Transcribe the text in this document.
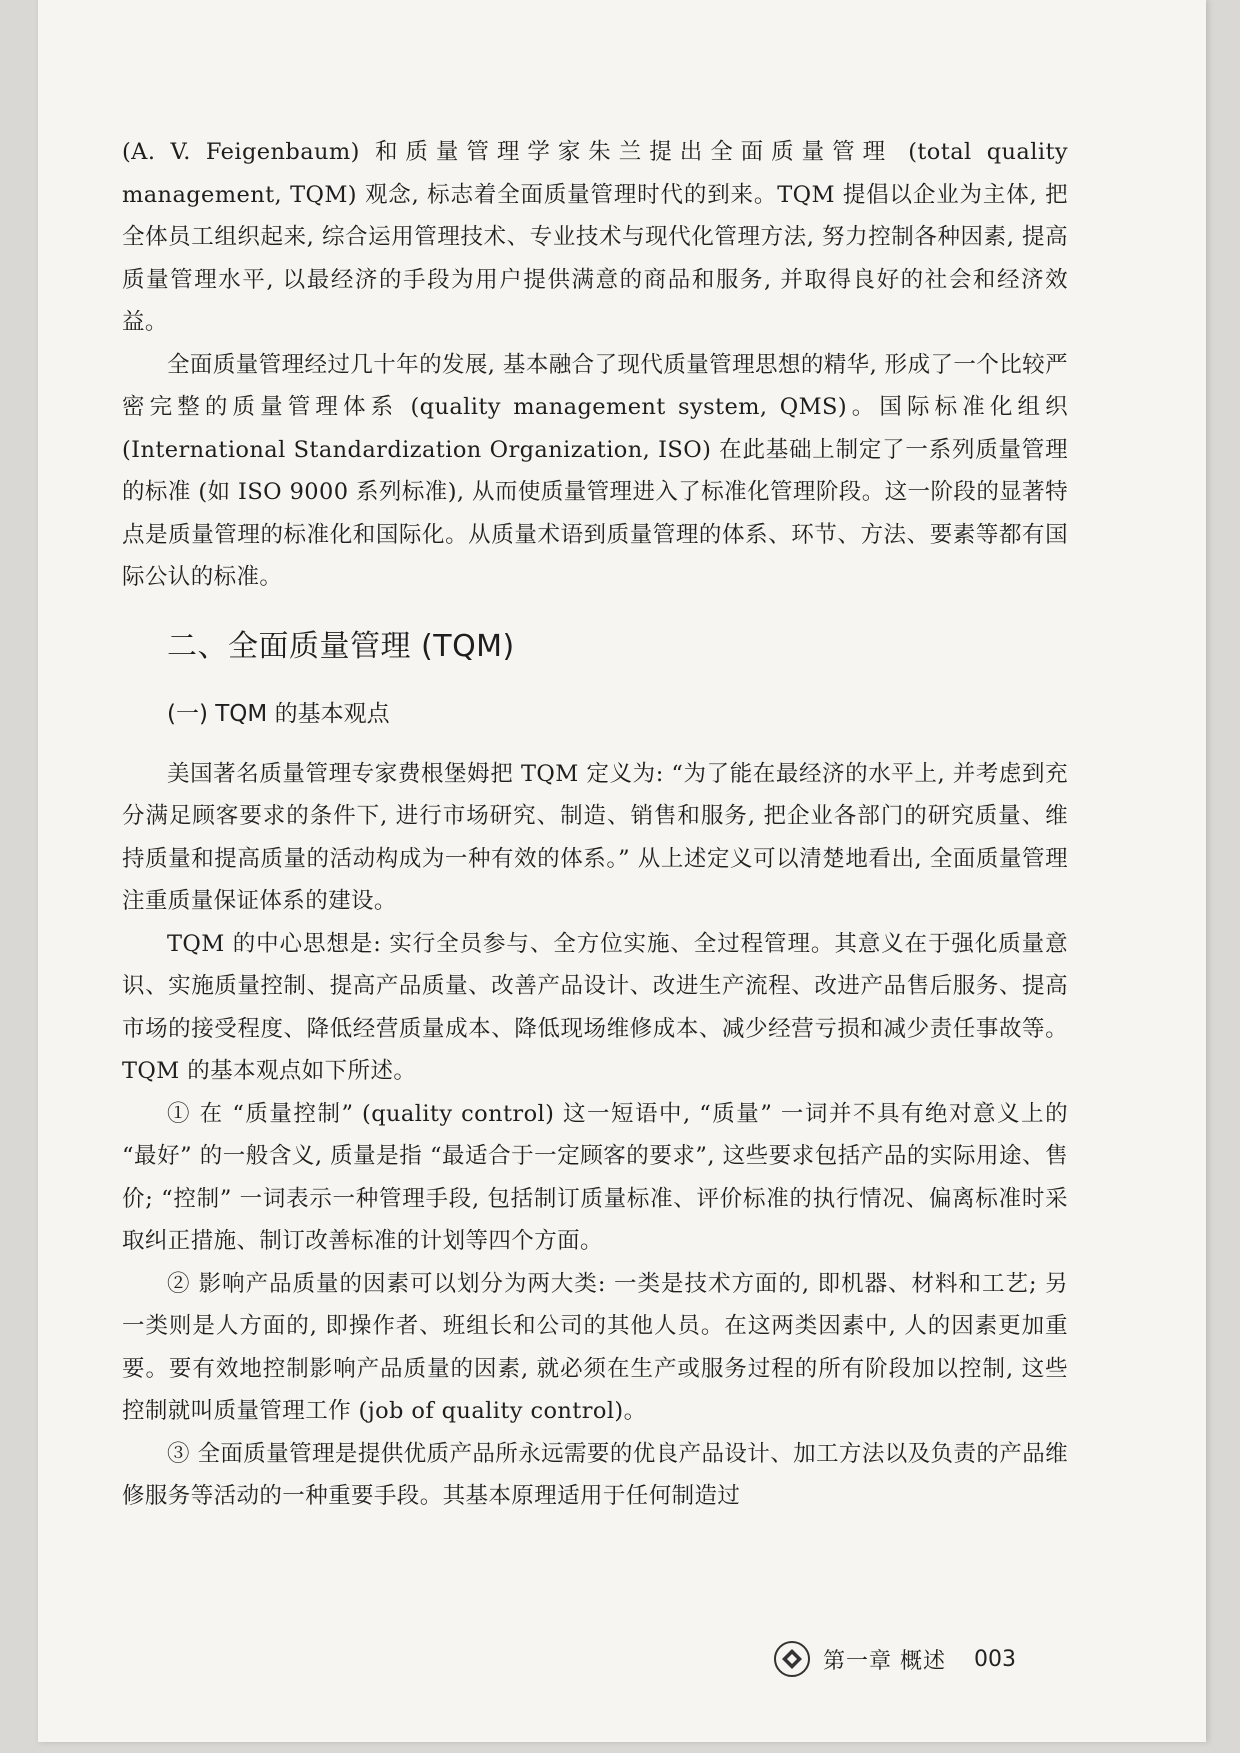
(A. V. Feigenbaum) 和质量管理学家朱兰提出全面质量管理 (total quality management, TQM) 观念, 标志着全面质量管理时代的到来。TQM 提倡以企业为主体, 把全体员工组织起来, 综合运用管理技术、专业技术与现代化管理方法, 努力控制各种因素, 提高质量管理水平, 以最经济的手段为用户提供满意的商品和服务, 并取得良好的社会和经济效益。

全面质量管理经过几十年的发展, 基本融合了现代质量管理思想的精华, 形成了一个比较严密完整的质量管理体系 (quality management system, QMS)。国际标准化组织 (International Standardization Organization, ISO) 在此基础上制定了一系列质量管理的标准 (如 ISO 9000 系列标准), 从而使质量管理进入了标准化管理阶段。这一阶段的显著特点是质量管理的标准化和国际化。从质量术语到质量管理的体系、环节、方法、要素等都有国际公认的标准。

二、全面质量管理 (TQM)
(一) TQM 的基本观点

美国著名质量管理专家费根堡姆把 TQM 定义为: “为了能在最经济的水平上, 并考虑到充分满足顾客要求的条件下, 进行市场研究、制造、销售和服务, 把企业各部门的研究质量、维持质量和提高质量的活动构成为一种有效的体系。” 从上述定义可以清楚地看出, 全面质量管理注重质量保证体系的建设。

TQM 的中心思想是: 实行全员参与、全方位实施、全过程管理。其意义在于强化质量意识、实施质量控制、提高产品质量、改善产品设计、改进生产流程、改进产品售后服务、提高市场的接受程度、降低经营质量成本、降低现场维修成本、减少经营亏损和减少责任事故等。TQM 的基本观点如下所述。

① 在 “质量控制” (quality control) 这一短语中, “质量” 一词并不具有绝对意义上的 “最好” 的一般含义, 质量是指 “最适合于一定顾客的要求”, 这些要求包括产品的实际用途、售价; “控制” 一词表示一种管理手段, 包括制订质量标准、评价标准的执行情况、偏离标准时采取纠正措施、制订改善标准的计划等四个方面。

② 影响产品质量的因素可以划分为两大类: 一类是技术方面的, 即机器、材料和工艺; 另一类则是人方面的, 即操作者、班组长和公司的其他人员。在这两类因素中, 人的因素更加重要。要有效地控制影响产品质量的因素, 就必须在生产或服务过程的所有阶段加以控制, 这些控制就叫质量管理工作 (job of quality control)。

③ 全面质量管理是提供优质产品所永远需要的优良产品设计、加工方法以及负责的产品维修服务等活动的一种重要手段。其基本原理适用于任何制造过

第一章 概述 003
